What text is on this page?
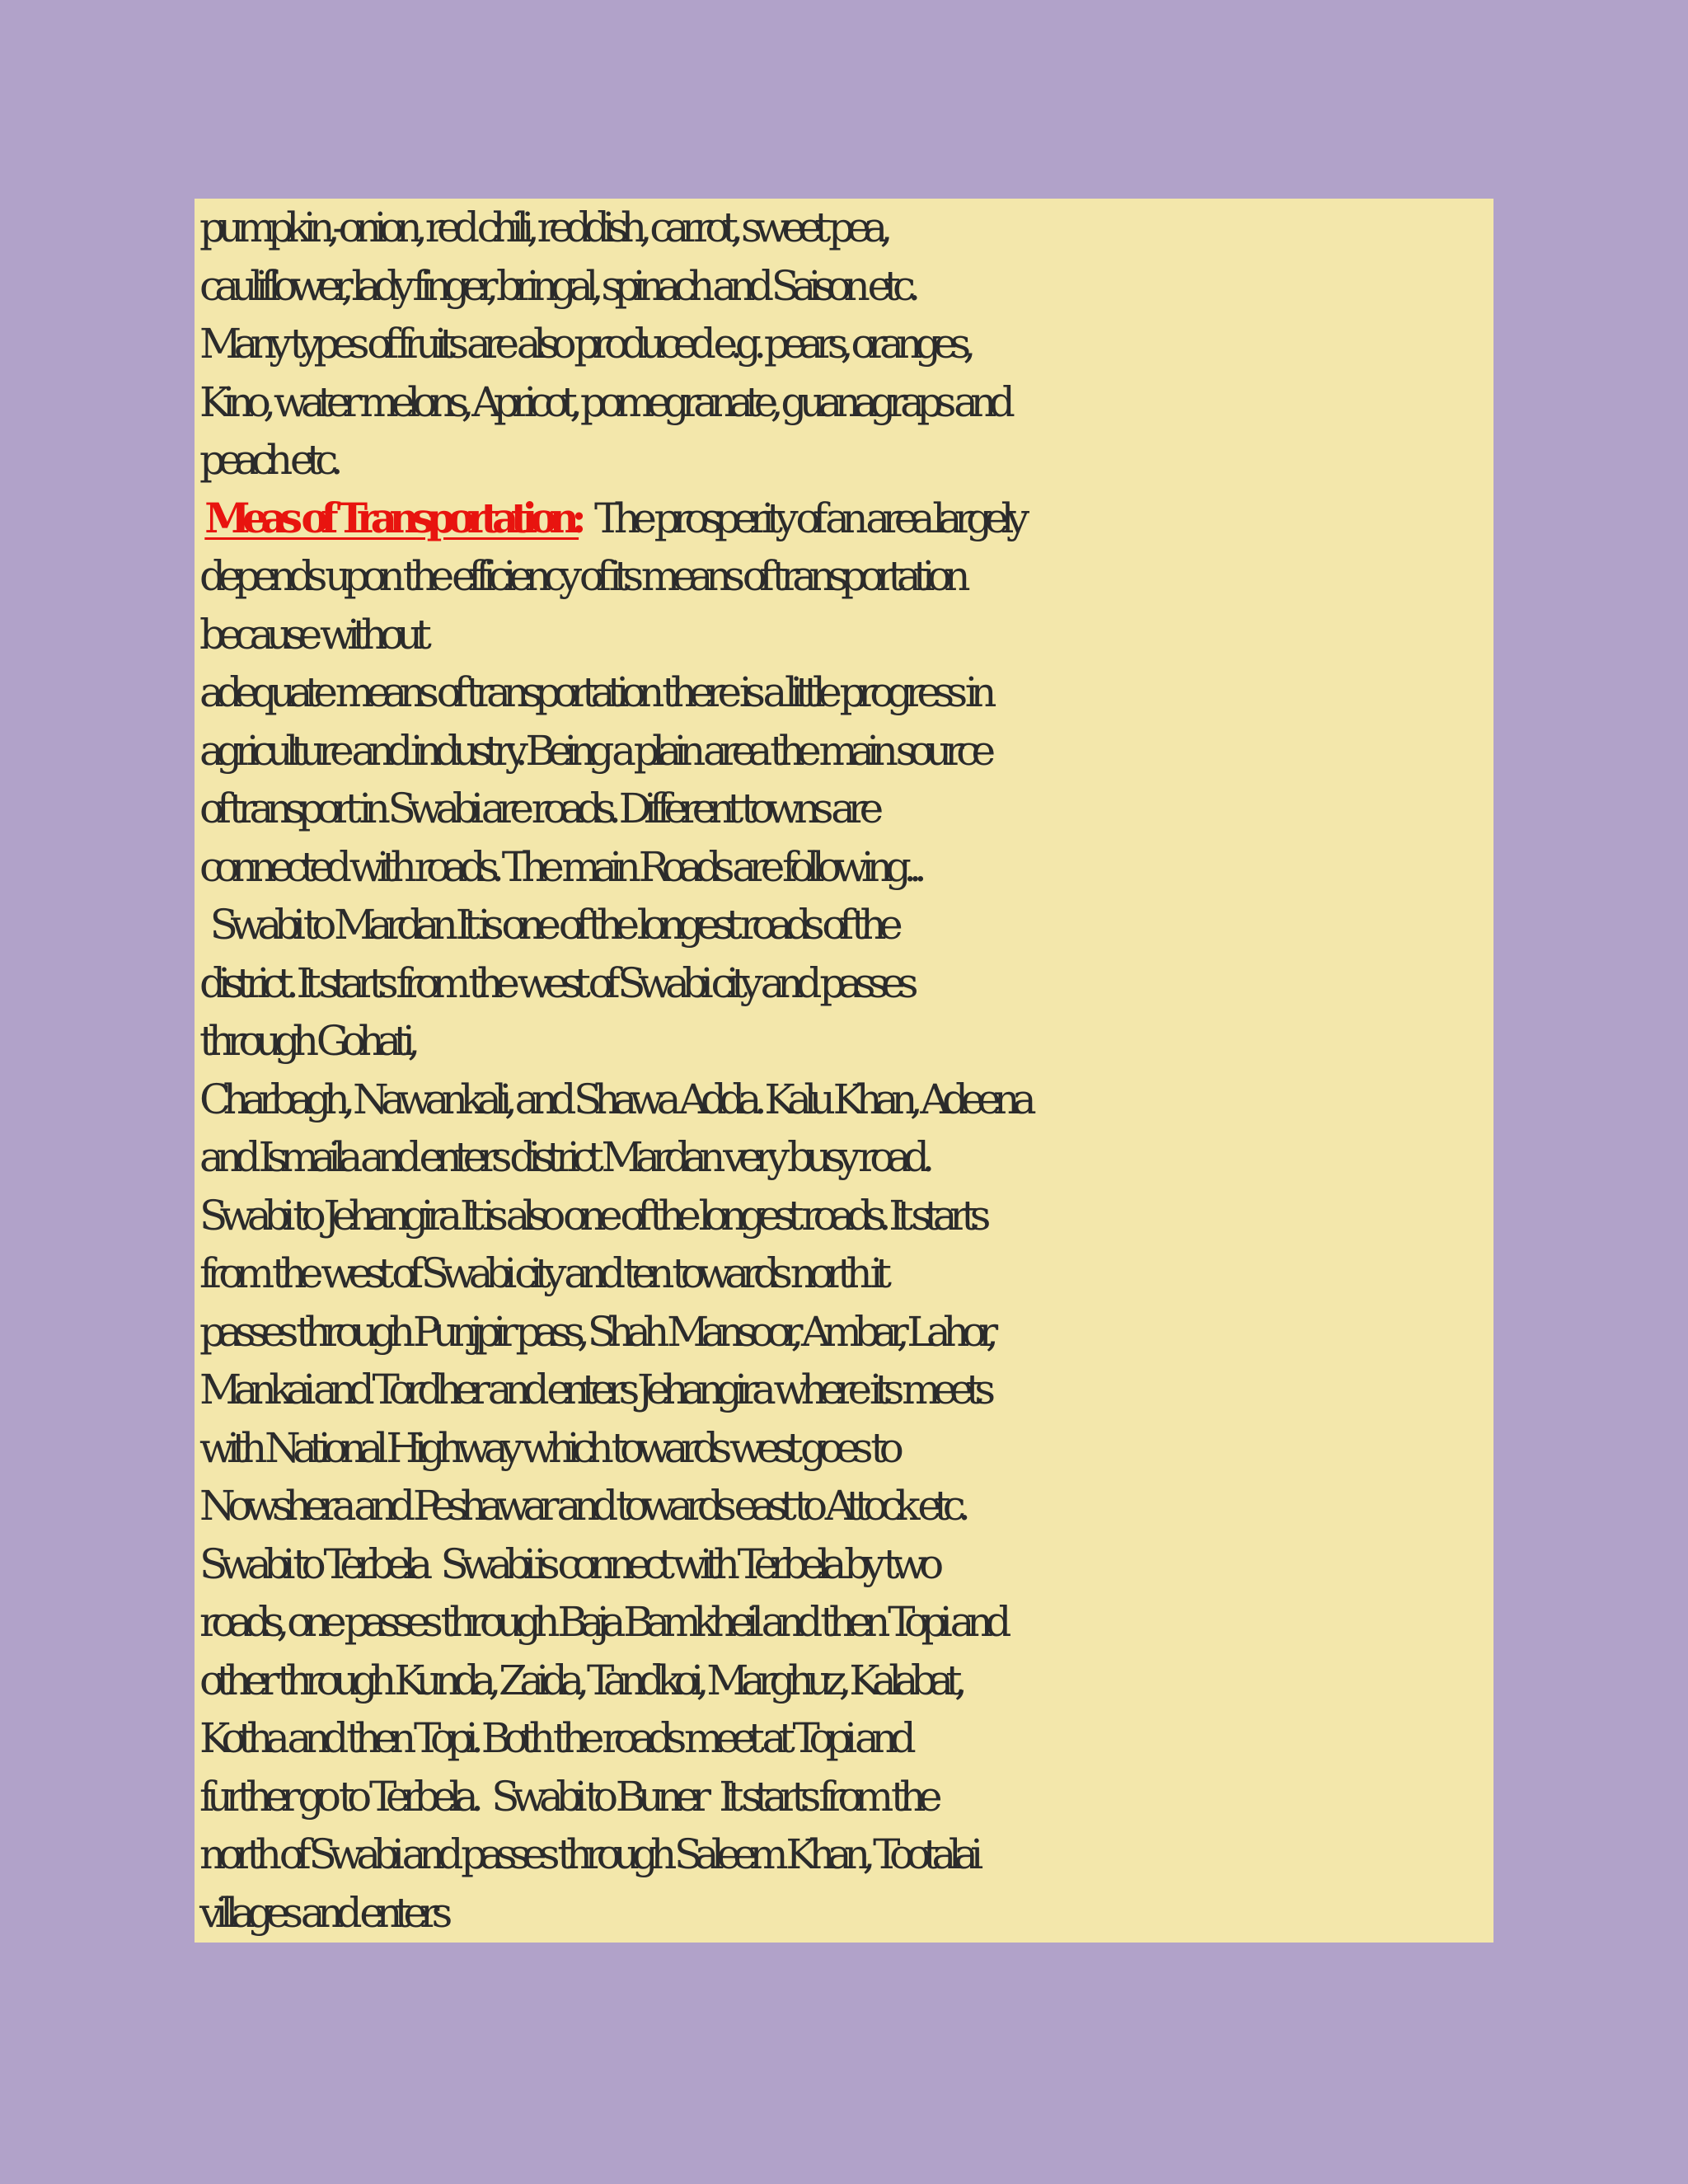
pumpkin,-onion, red chili, reddish, carrot, sweet pea,
cauliflower, lady finger, bringal, spinach and Saison etc.
Many types of fruits are also produced e.g. pears, oranges,
Kino, water melons, Apricot, pomegranate, guanagraps and
peach etc.
Meas of Transportation:   The prosperity of an area largely
depends upon the efficiency of its means of transportation
because without
adequate means of transportation there is a little progress in
agriculture and industry. Being a plain area the main source
of transport in Swabi are roads. Different towns are
connected with roads. The main Roads are following...
Swabi to Mardan It is one of the longest roads of the
district. It starts from the west of Swabi city and passes
through Gohati,
Charbagh, Nawankali, and Shawa Adda. Kalu Khan, Adeena
and Ismaila and enters district Mardan very busy road.
Swabi to Jehangira It is also one of the longest roads. It starts
from the west of Swabi city and ten towards north it
passes through Punjpir pass, Shah Mansoor, Ambar, Lahor,
Mankai and Tordher and enters Jehangira where its meets
with National Highway which towards west goes to
Nowshera and Peshawar and towards east to Attock etc.
Swabi to Terbela   Swabi is connect with Terbela by two
roads, one passes through Baja Bamkheil and then Topi and
other through Kunda, Zaida, Tandkoi, Marghuz, Kalabat,
Kotha and then Topi. Both the roads meet at Topi and
further go to Terbela.   Swabi to Buner   It starts from the
north of Swabi and passes through Saleem Khan, Tootalai
villages and enters
